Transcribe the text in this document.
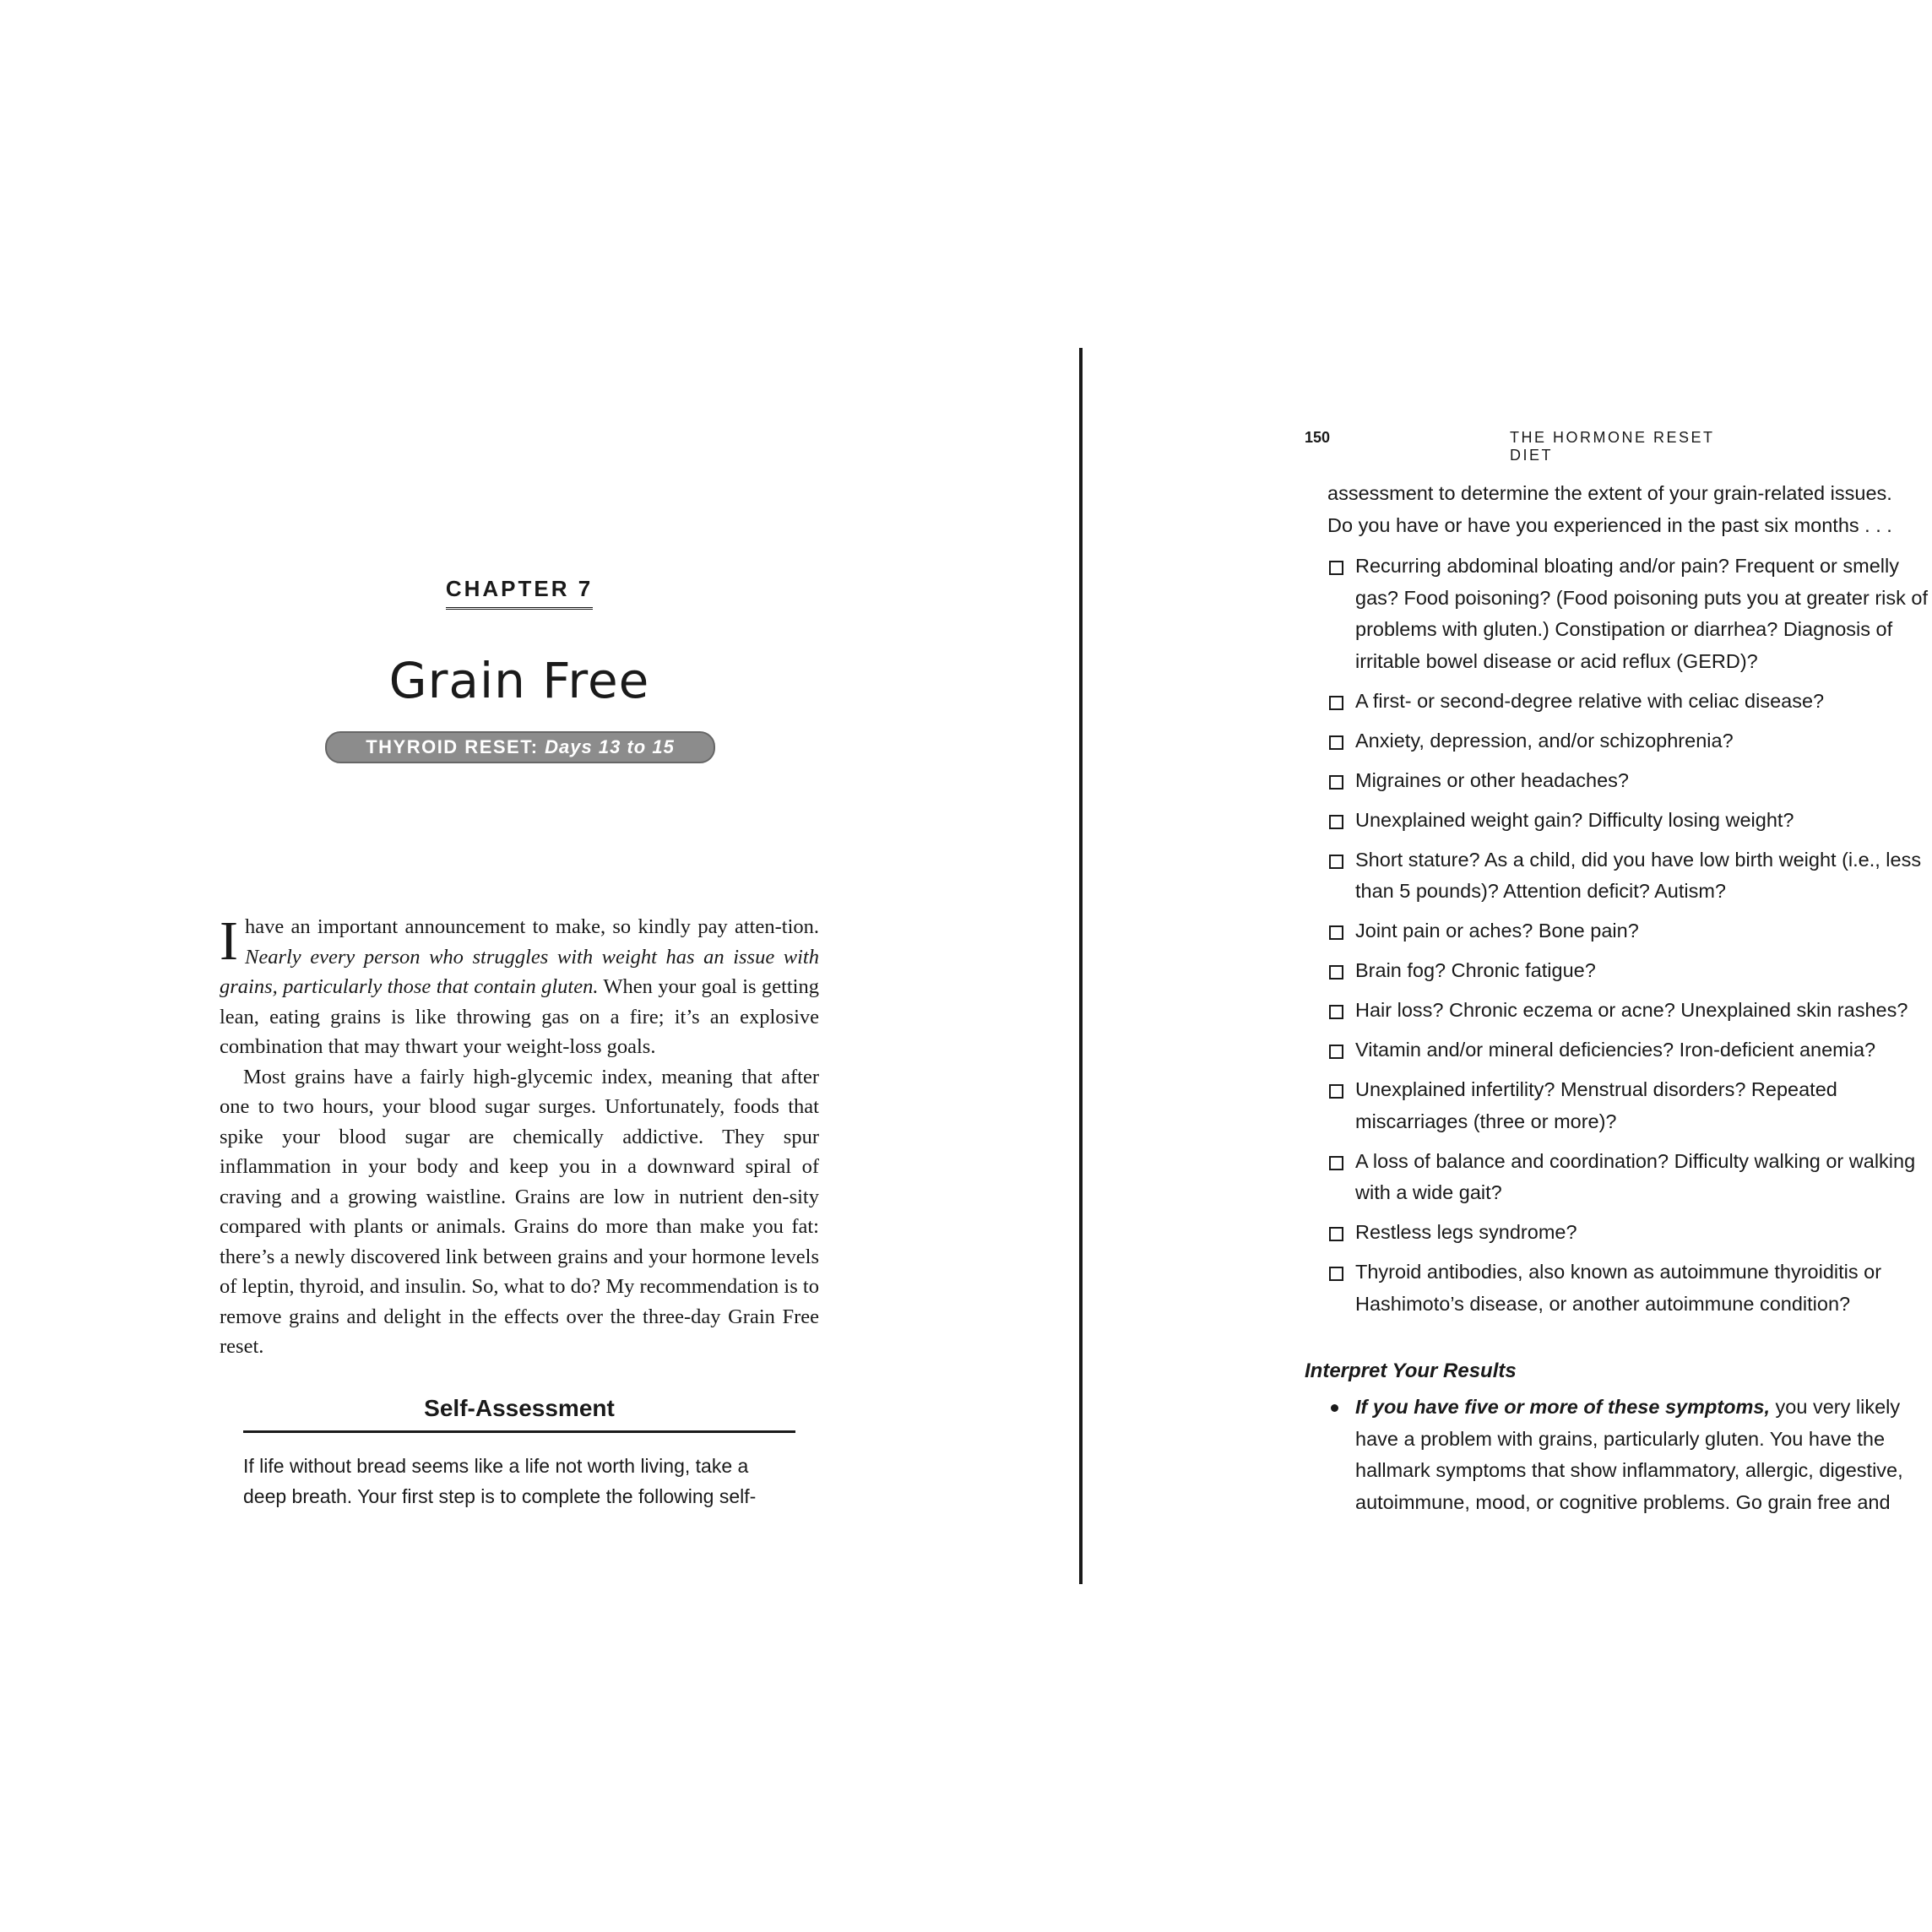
CHAPTER 7
Grain Free
THYROID RESET: Days 13 to 15

I have an important announcement to make, so kindly pay atten-tion. Nearly every person who struggles with weight has an issue with grains, particularly those that contain gluten. When your goal is getting lean, eating grains is like throwing gas on a fire; it’s an explosive combination that may thwart your weight-loss goals.

Most grains have a fairly high-glycemic index, meaning that after one to two hours, your blood sugar surges. Unfortunately, foods that spike your blood sugar are chemically addictive. They spur inflammation in your body and keep you in a downward spiral of craving and a growing waistline. Grains are low in nutrient den-sity compared with plants or animals. Grains do more than make you fat: there’s a newly discovered link between grains and your hormone levels of leptin, thyroid, and insulin. So, what to do? My recommendation is to remove grains and delight in the effects over the three-day Grain Free reset.

Self-Assessment
If life without bread seems like a life not worth living, take a deep breath. Your first step is to complete the following self-
150	THE HORMONE RESET DIET
assessment to determine the extent of your grain-related issues.
Do you have or have you experienced in the past six months . . .
Recurring abdominal bloating and/or pain? Frequent or smelly gas? Food poisoning? (Food poisoning puts you at greater risk of problems with gluten.) Constipation or diarrhea? Diagnosis of irritable bowel disease or acid reflux (GERD)?
A first- or second-degree relative with celiac disease?
Anxiety, depression, and/or schizophrenia?
Migraines or other headaches?
Unexplained weight gain? Difficulty losing weight?
Short stature? As a child, did you have low birth weight (i.e., less than 5 pounds)? Attention deficit? Autism?
Joint pain or aches? Bone pain?
Brain fog? Chronic fatigue?
Hair loss? Chronic eczema or acne? Unexplained skin rashes?
Vitamin and/or mineral deficiencies? Iron-deficient anemia?
Unexplained infertility? Menstrual disorders? Repeated miscarriages (three or more)?
A loss of balance and coordination? Difficulty walking or walking with a wide gait?
Restless legs syndrome?
Thyroid antibodies, also known as autoimmune thyroiditis or Hashimoto’s disease, or another autoimmune condition?
Interpret Your Results
If you have five or more of these symptoms, you very likely have a problem with grains, particularly gluten. You have the hallmark symptoms that show inflammatory, allergic, digestive, autoimmune, mood, or cognitive problems. Go grain free and
